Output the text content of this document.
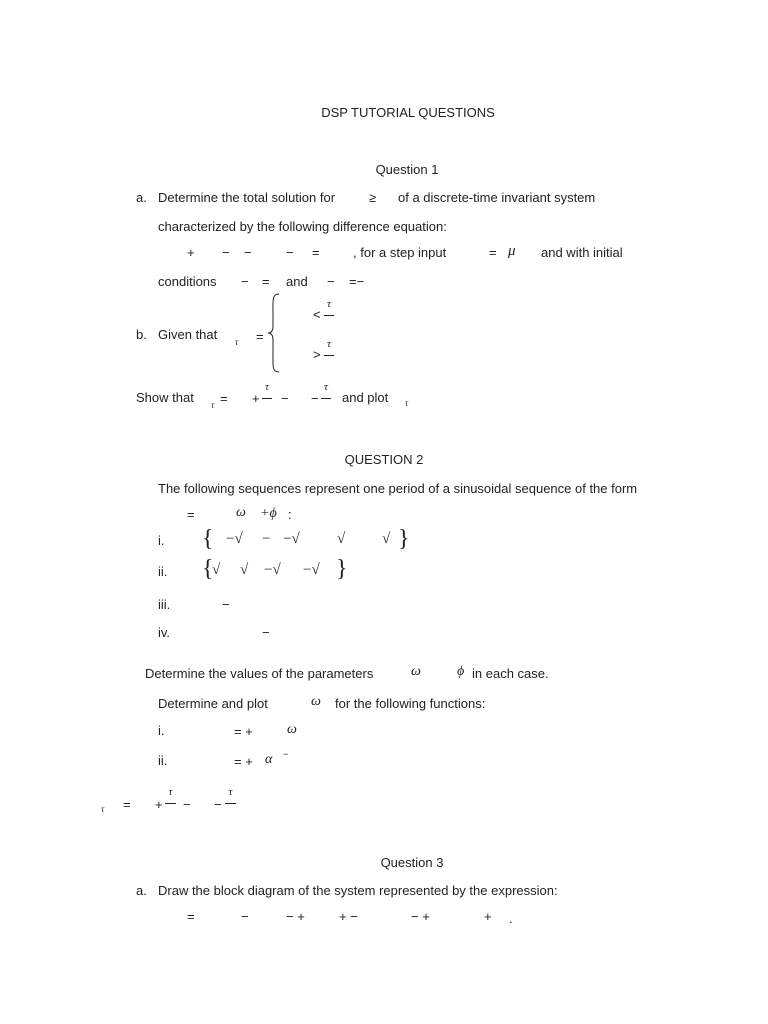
DSP TUTORIAL QUESTIONS
Question 1
a. Determine the total solution for	≥ of a discrete-time invariant system
characterized by the following difference equation:
+ − −	− =	, for a step input	= μ and with initial
conditions − = and − =−
b. Given that τ =
<
τ
>
τ
Show that τ = +
τ
− −
τ
and plot τ
QUESTION 2
The following sequences represent one period of a sinusoidal sequence of the form
=	ω +ϕ :
i. { −√ − −√ √ √ }
ii. {
√ √ −√ −√ }
iii.	−
iv.	−
Determine the values of the parameters	ω	ϕ in each case.
Determine and plot	ω for the following functions:
i.	= + ω
ii.	= + α −
τ = +
τ
− −
τ
Question 3
a. Draw the block diagram of the system represented by the expression:
=	−	− +	+ −	− +	+ .
